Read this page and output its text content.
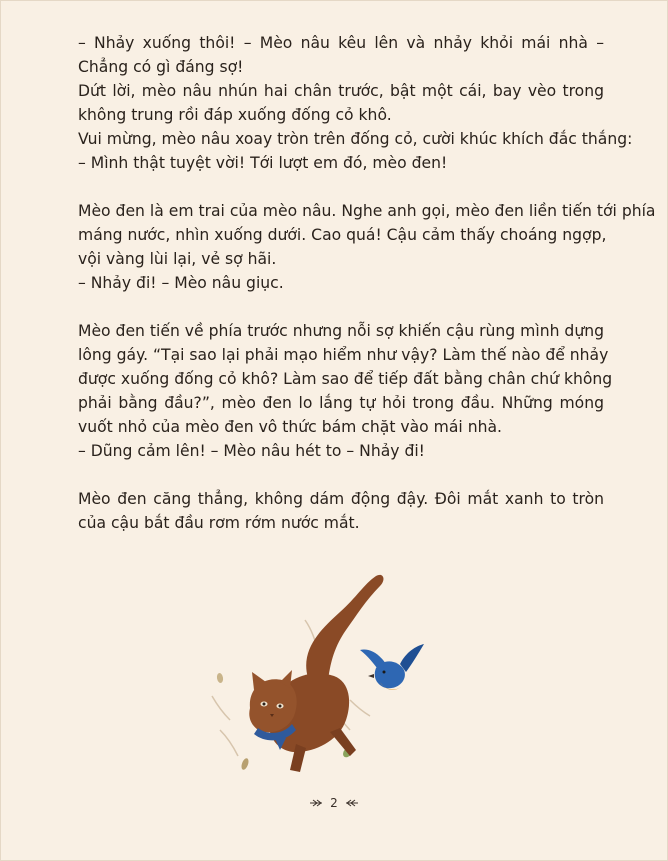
– Nhảy xuống thôi! – Mèo nâu kêu lên và nhảy khỏi mái nhà –
Chẳng có gì đáng sợ!
Dứt lời, mèo nâu nhún hai chân trước, bật một cái, bay vèo trong
không trung rồi đáp xuống đống cỏ khô.
Vui mừng, mèo nâu xoay tròn trên đống cỏ, cười khúc khích đắc thắng:
– Mình thật tuyệt vời! Tới lượt em đó, mèo đen!

Mèo đen là em trai của mèo nâu. Nghe anh gọi, mèo đen liền tiến tới phía
máng nước, nhìn xuống dưới. Cao quá! Cậu cảm thấy choáng ngợp,
vội vàng lùi lại, vẻ sợ hãi.
– Nhảy đi! – Mèo nâu giục.

Mèo đen tiến về phía trước nhưng nỗi sợ khiến cậu rùng mình dựng
lông gáy. “Tại sao lại phải mạo hiểm như vậy? Làm thế nào để nhảy
được xuống đống cỏ khô? Làm sao để tiếp đất bằng chân chứ không
phải bằng đầu?”, mèo đen lo lắng tự hỏi trong đầu. Những móng
vuốt nhỏ của mèo đen vô thức bám chặt vào mái nhà.
– Dũng cảm lên! – Mèo nâu hét to – Nhảy đi!

Mèo đen căng thẳng, không dám động đậy. Đôi mắt xanh to tròn
của cậu bắt đầu rơm rớm nước mắt.

2
